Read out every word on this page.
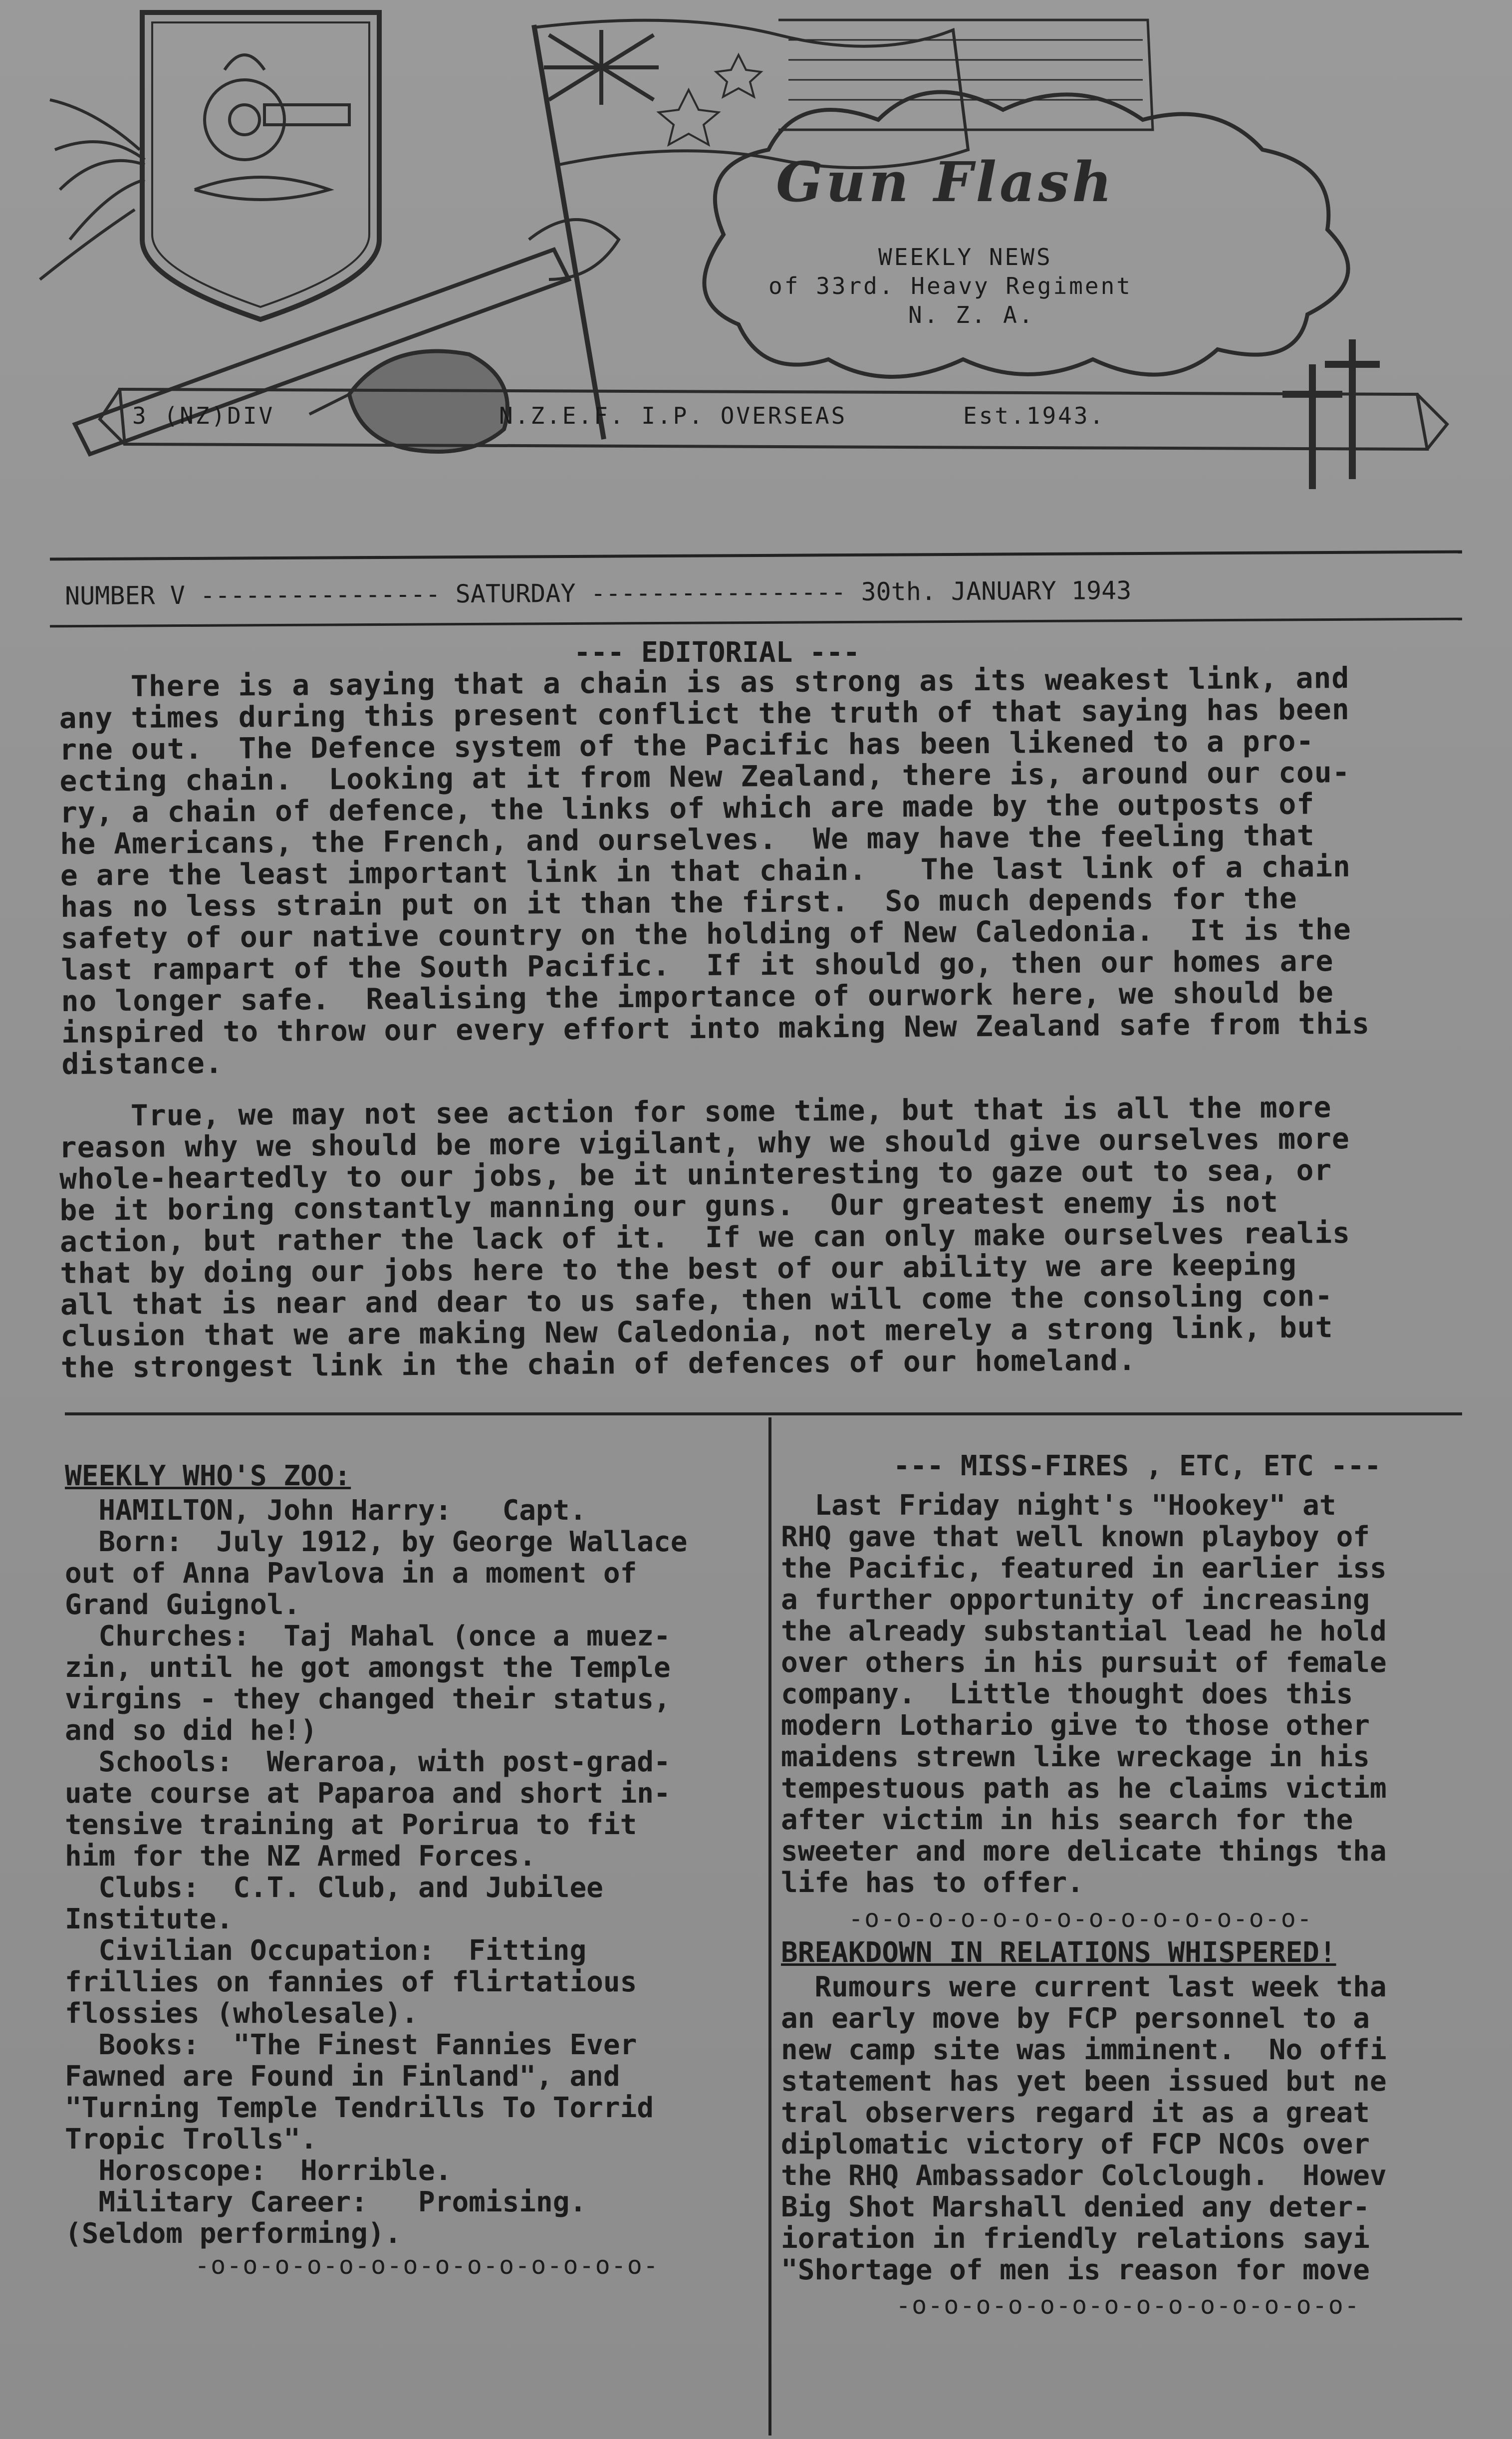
Gun Flash
WEEKLY NEWS
of 33rd. Heavy Regiment
N. Z. A.
3 (NZ)DIV	N.Z.E.F. I.P. OVERSEAS	Est.1943.
NUMBER V ---------------- SATURDAY ----------------- 30th. JANUARY 1943
--- EDITORIAL ---
There is a saying that a chain is as strong as its weakest link, and
any times during this present conflict the truth of that saying has been
rne out.  The Defence system of the Pacific has been likened to a pro-
ecting chain.  Looking at it from New Zealand, there is, around our cou-
ry, a chain of defence, the links of which are made by the outposts of
he Americans, the French, and ourselves.  We may have the feeling that
e are the least important link in that chain.   The last link of a chain
has no less strain put on it than the first.  So much depends for the
safety of our native country on the holding of New Caledonia.  It is the
last rampart of the South Pacific.  If it should go, then our homes are
no longer safe.  Realising the importance of ourwork here, we should be
inspired to throw our every effort into making New Zealand safe from this
distance.
True, we may not see action for some time, but that is all the more
reason why we should be more vigilant, why we should give ourselves more
whole-heartedly to our jobs, be it uninteresting to gaze out to sea, or
be it boring constantly manning our guns.  Our greatest enemy is not
action, but rather the lack of it.  If we can only make ourselves realis
that by doing our jobs here to the best of our ability we are keeping
all that is near and dear to us safe, then will come the consoling con-
clusion that we are making New Caledonia, not merely a strong link, but
the strongest link in the chain of defences of our homeland.
WEEKLY WHO'S ZOO:
HAMILTON, John Harry:   Capt.
Born:  July 1912, by George Wallace
out of Anna Pavlova in a moment of
Grand Guignol.
Churches:  Taj Mahal (once a muez-
zin, until he got amongst the Temple
virgins - they changed their status,
and so did he!)
Schools:  Weraroa, with post-grad-
uate course at Paparoa and short in-
tensive training at Porirua to fit
him for the NZ Armed Forces.
Clubs:  C.T. Club, and Jubilee
Institute.
Civilian Occupation:  Fitting
frillies on fannies of flirtatious
flossies (wholesale).
Books:  "The Finest Fannies Ever
Fawned are Found in Finland", and
"Turning Temple Tendrills To Torrid
Tropic Trolls".
Horoscope:  Horrible.
Military Career:   Promising.
(Seldom performing).
-o-o-o-o-o-o-o-o-o-o-o-o-o-o-
--- MISS-FIRES , ETC, ETC ---
Last Friday night's "Hookey" at
RHQ gave that well known playboy of
the Pacific, featured in earlier iss
a further opportunity of increasing
the already substantial lead he hold
over others in his pursuit of female
company.  Little thought does this
modern Lothario give to those other
maidens strewn like wreckage in his
tempestuous path as he claims victim
after victim in his search for the
sweeter and more delicate things tha
life has to offer.
-o-o-o-o-o-o-o-o-o-o-o-o-o-o-
BREAKDOWN IN RELATIONS WHISPERED!
Rumours were current last week tha
an early move by FCP personnel to a
new camp site was imminent.  No offi
statement has yet been issued but ne
tral observers regard it as a great
diplomatic victory of FCP NCOs over
the RHQ Ambassador Colclough.  Howev
Big Shot Marshall denied any deter-
ioration in friendly relations sayi
"Shortage of men is reason for move
-o-o-o-o-o-o-o-o-o-o-o-o-o-o-
